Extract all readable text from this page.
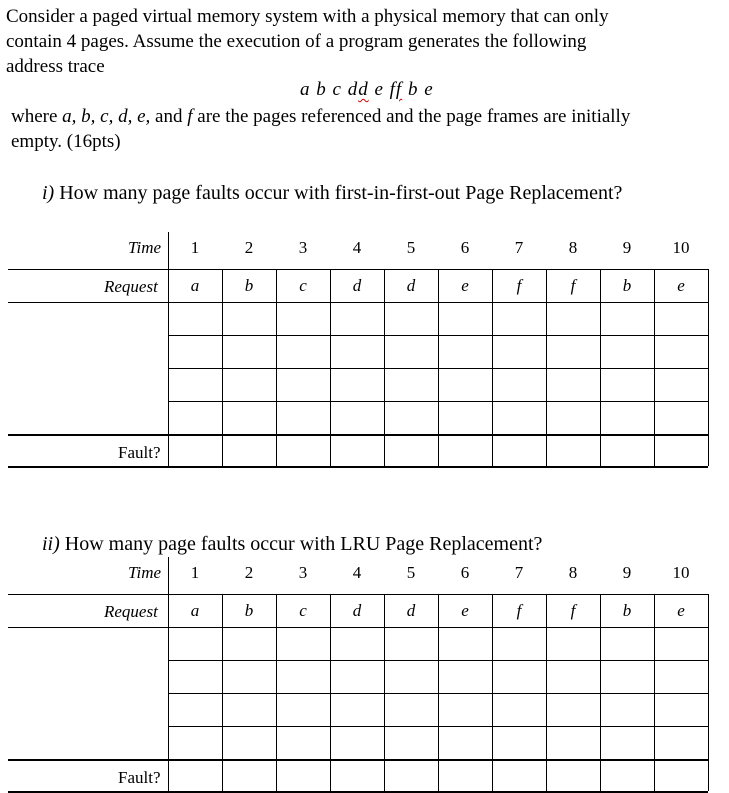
Consider a paged virtual memory system with a physical memory that can only
contain 4 pages. Assume the execution of a program generates the following
address trace
a b c dd e ff b e
where a, b, c, d, e, and f are the pages referenced and the page frames are initially
empty. (16pts)
i) How many page faults occur with first-in-first-out Page Replacement?
Time	1	2	3	4	5	6	7	8	9	10
Request	a	b	c	d	d	e	f	f	b	e
Fault?
ii) How many page faults occur with LRU Page Replacement?
Time	1	2	3	4	5	6	7	8	9	10
Request	a	b	c	d	d	e	f	f	b	e
Fault?
